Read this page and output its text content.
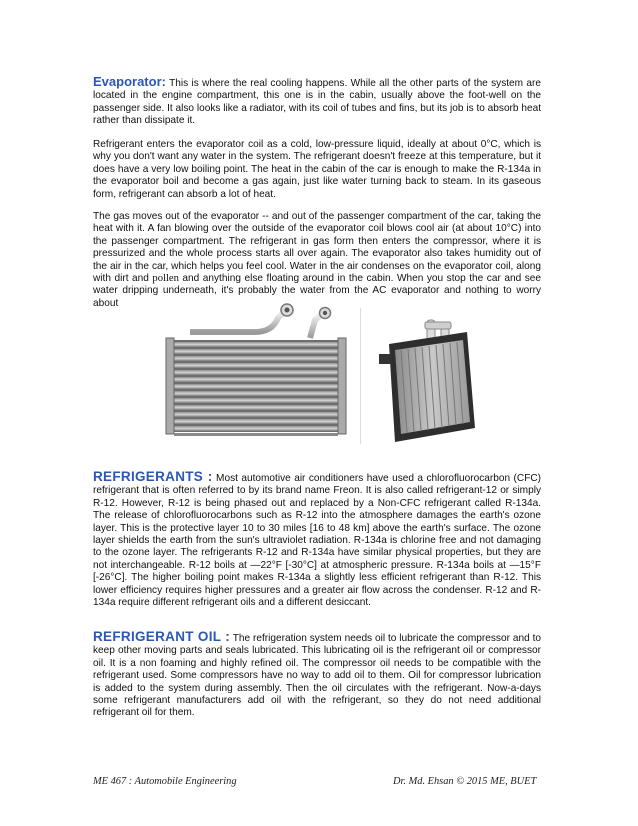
Evaporator: This is where the real cooling happens. While all the other parts of the system are located in the engine compartment, this one is in the cabin, usually above the foot-well on the passenger side. It also looks like a radiator, with its coil of tubes and fins, but its job is to absorb heat rather than dissipate it.

Refrigerant enters the evaporator coil as a cold, low-pressure liquid, ideally at about 0°C, which is why you don't want any water in the system. The refrigerant doesn't freeze at this temperature, but it does have a very low boiling point. The heat in the cabin of the car is enough to make the R-134a in the evaporator boil and become a gas again, just like water turning back to steam. In its gaseous form, refrigerant can absorb a lot of heat.

The gas moves out of the evaporator -- and out of the passenger compartment of the car, taking the heat with it. A fan blowing over the outside of the evaporator coil blows cool air (at about 10°C) into the passenger compartment. The refrigerant in gas form then enters the compressor, where it is pressurized and the whole process starts all over again. The evaporator also takes humidity out of the air in the car, which helps you feel cool. Water in the air condenses on the evaporator coil, along with dirt and pollen and anything else floating around in the cabin. When you stop the car and see water dripping underneath, it's probably the water from the AC evaporator and nothing to worry about

REFRIGERANTS : Most automotive air conditioners have used a chlorofluorocarbon (CFC) refrigerant that is often referred to by its brand name Freon. It is also called refrigerant-12 or simply R-12. However, R-12 is being phased out and replaced by a Non-CFC refrigerant called R-134a. The release of chlorofluorocarbons such as R-12 into the atmosphere damages the earth's ozone layer. This is the protective layer 10 to 30 miles [16 to 48 km] above the earth's surface. The ozone layer shields the earth from the sun's ultraviolet radiation. R-134a is chlorine free and not damaging to the ozone layer. The refrigerants R-12 and R-134a have similar physical properties, but they are not interchangeable. R-12 boils at —22°F [-30°C] at atmospheric pressure. R-134a boils at —15°F [-26°C]. The higher boiling point makes R-134a a slightly less efficient refrigerant than R-12. This lower efficiency requires higher pressures and a greater air flow across the condenser. R-12 and R-134a require different refrigerant oils and a different desiccant.

REFRIGERANT OIL : The refrigeration system needs oil to lubricate the compressor and to keep other moving parts and seals lubricated. This lubricating oil is the refrigerant oil or compressor oil. It is a non foaming and highly refined oil. The compressor oil needs to be compatible with the refrigerant used. Some compressors have no way to add oil to them. Oil for compressor lubrication is added to the system during assembly. Then the oil circulates with the refrigerant. Now-a-days some refrigerant manufacturers add oil with the refrigerant, so they do not need additional refrigerant oil for them.

ME 467 : Automobile Engineering	Dr. Md. Ehsan © 2015 ME, BUET
